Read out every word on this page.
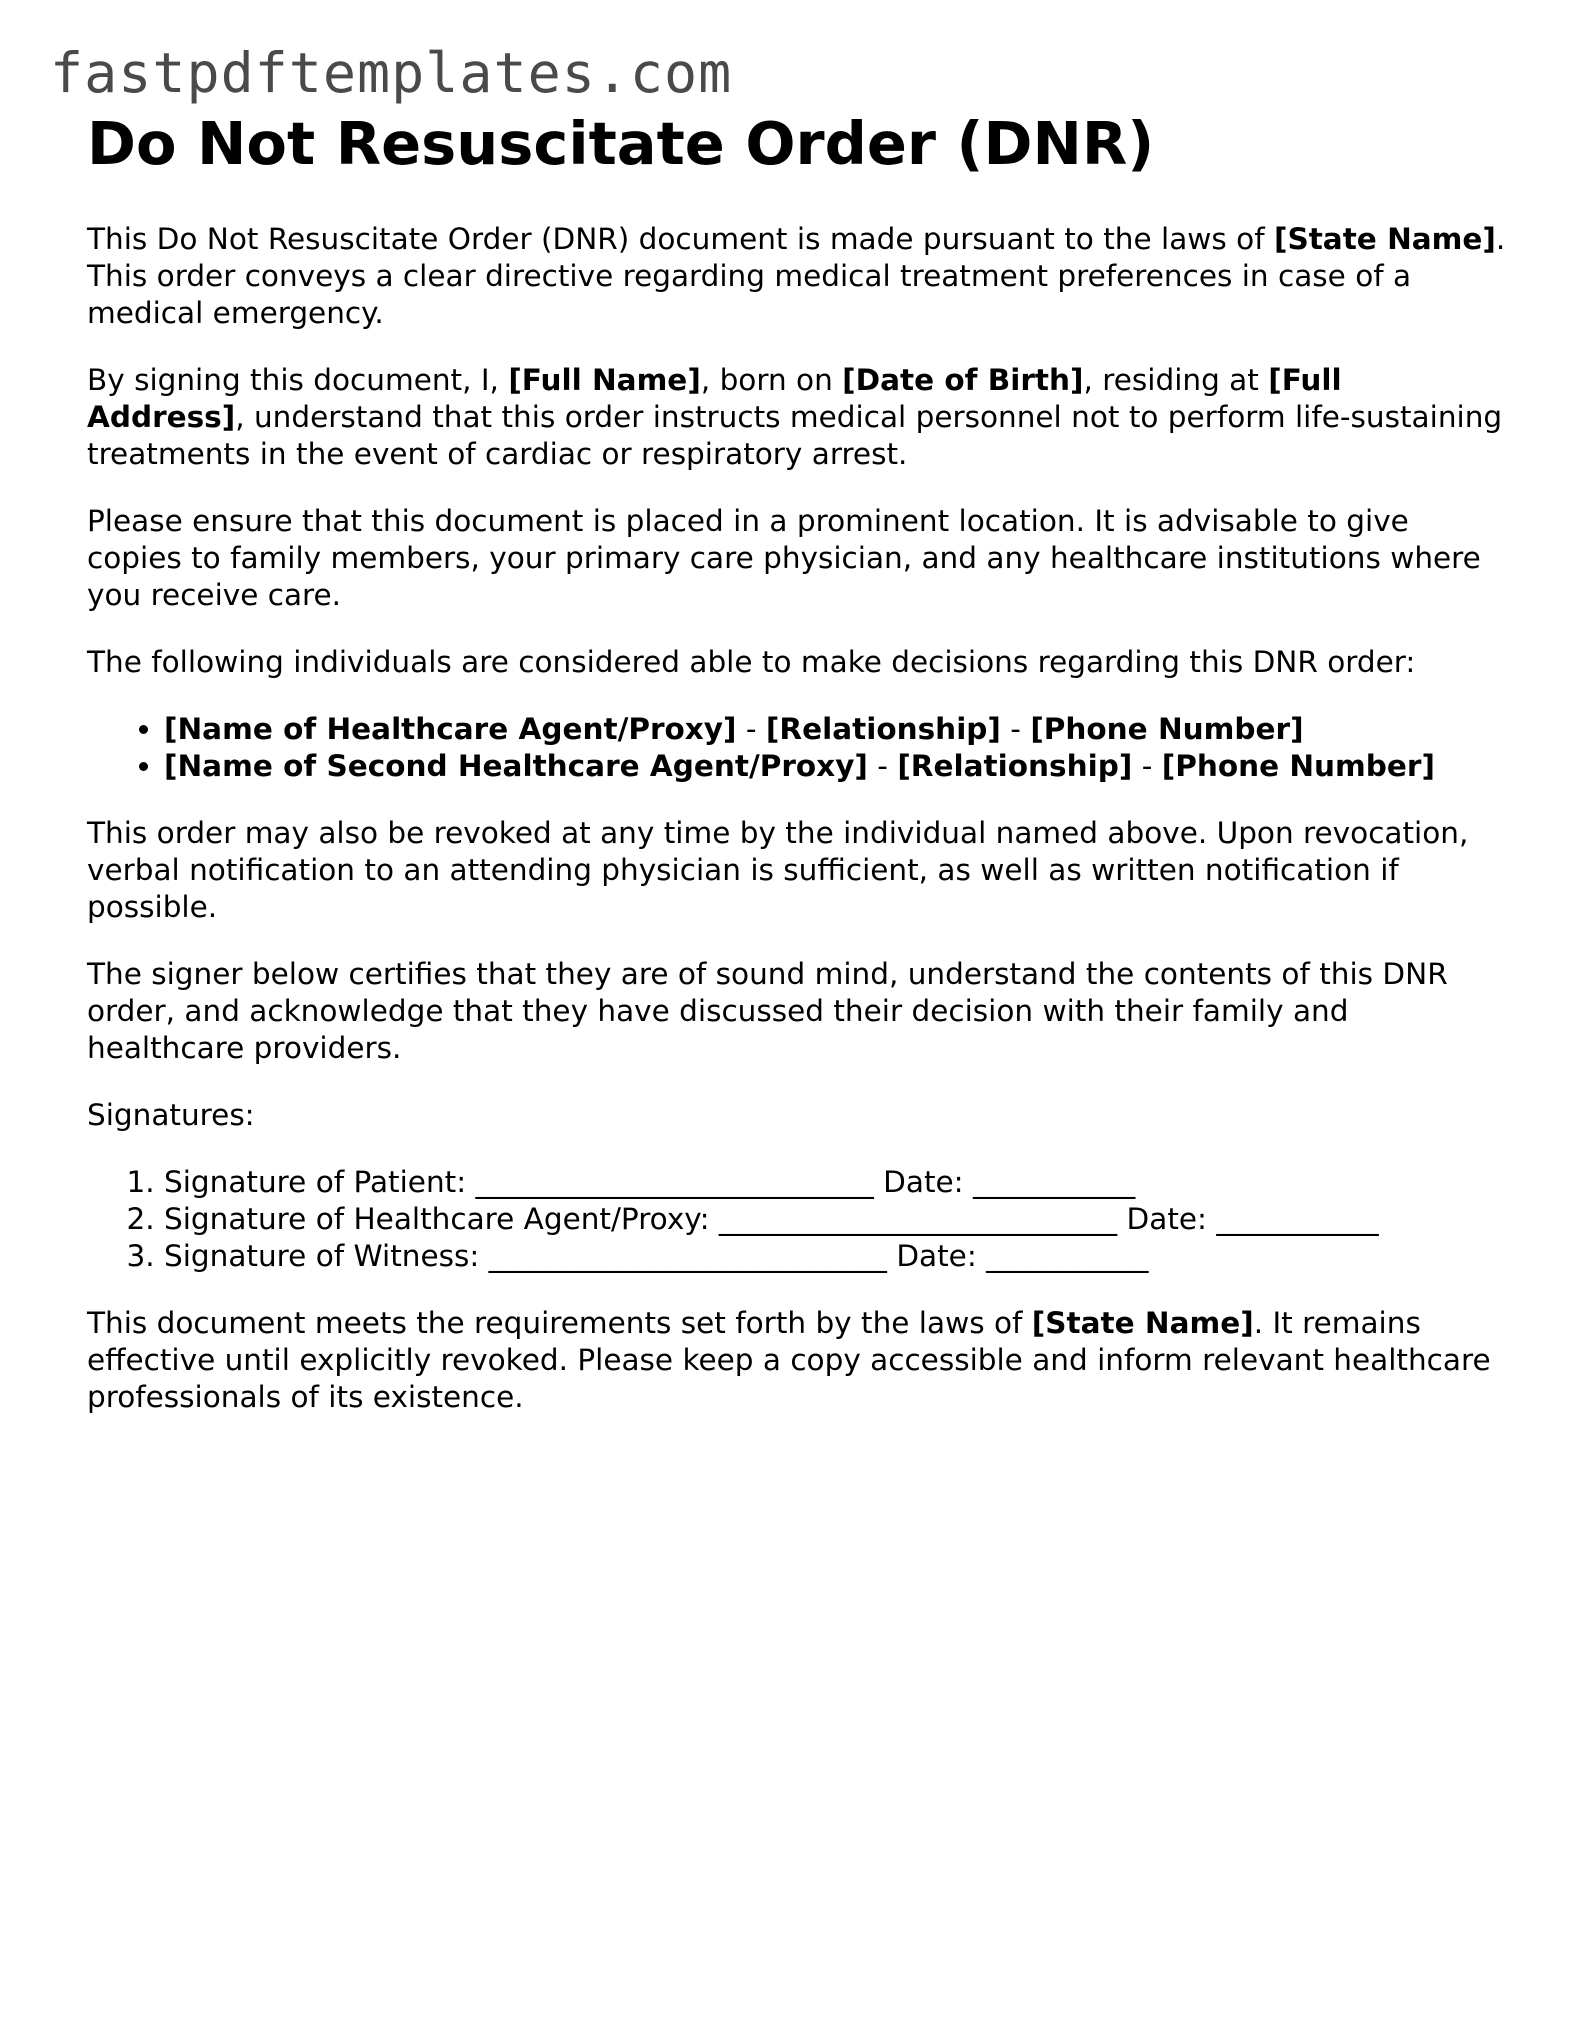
fastpdftemplates.com
Do Not Resuscitate Order (DNR)

This Do Not Resuscitate Order (DNR) document is made pursuant to the laws of [State Name]. This order conveys a clear directive regarding medical treatment preferences in case of a medical emergency.

By signing this document, I, [Full Name], born on [Date of Birth], residing at [Full Address], understand that this order instructs medical personnel not to perform life-sustaining treatments in the event of cardiac or respiratory arrest.

Please ensure that this document is placed in a prominent location. It is advisable to give copies to family members, your primary care physician, and any healthcare institutions where you receive care.

The following individuals are considered able to make decisions regarding this DNR order:

• [Name of Healthcare Agent/Proxy] - [Relationship] - [Phone Number]
• [Name of Second Healthcare Agent/Proxy] - [Relationship] - [Phone Number]

This order may also be revoked at any time by the individual named above. Upon revocation, verbal notification to an attending physician is sufficient, as well as written notification if possible.

The signer below certifies that they are of sound mind, understand the contents of this DNR order, and acknowledge that they have discussed their decision with their family and healthcare providers.

Signatures:

1. Signature of Patient: ___________________________ Date: ___________
2. Signature of Healthcare Agent/Proxy: ___________________________ Date: ___________
3. Signature of Witness: ___________________________ Date: ___________

This document meets the requirements set forth by the laws of [State Name]. It remains effective until explicitly revoked. Please keep a copy accessible and inform relevant healthcare professionals of its existence.
